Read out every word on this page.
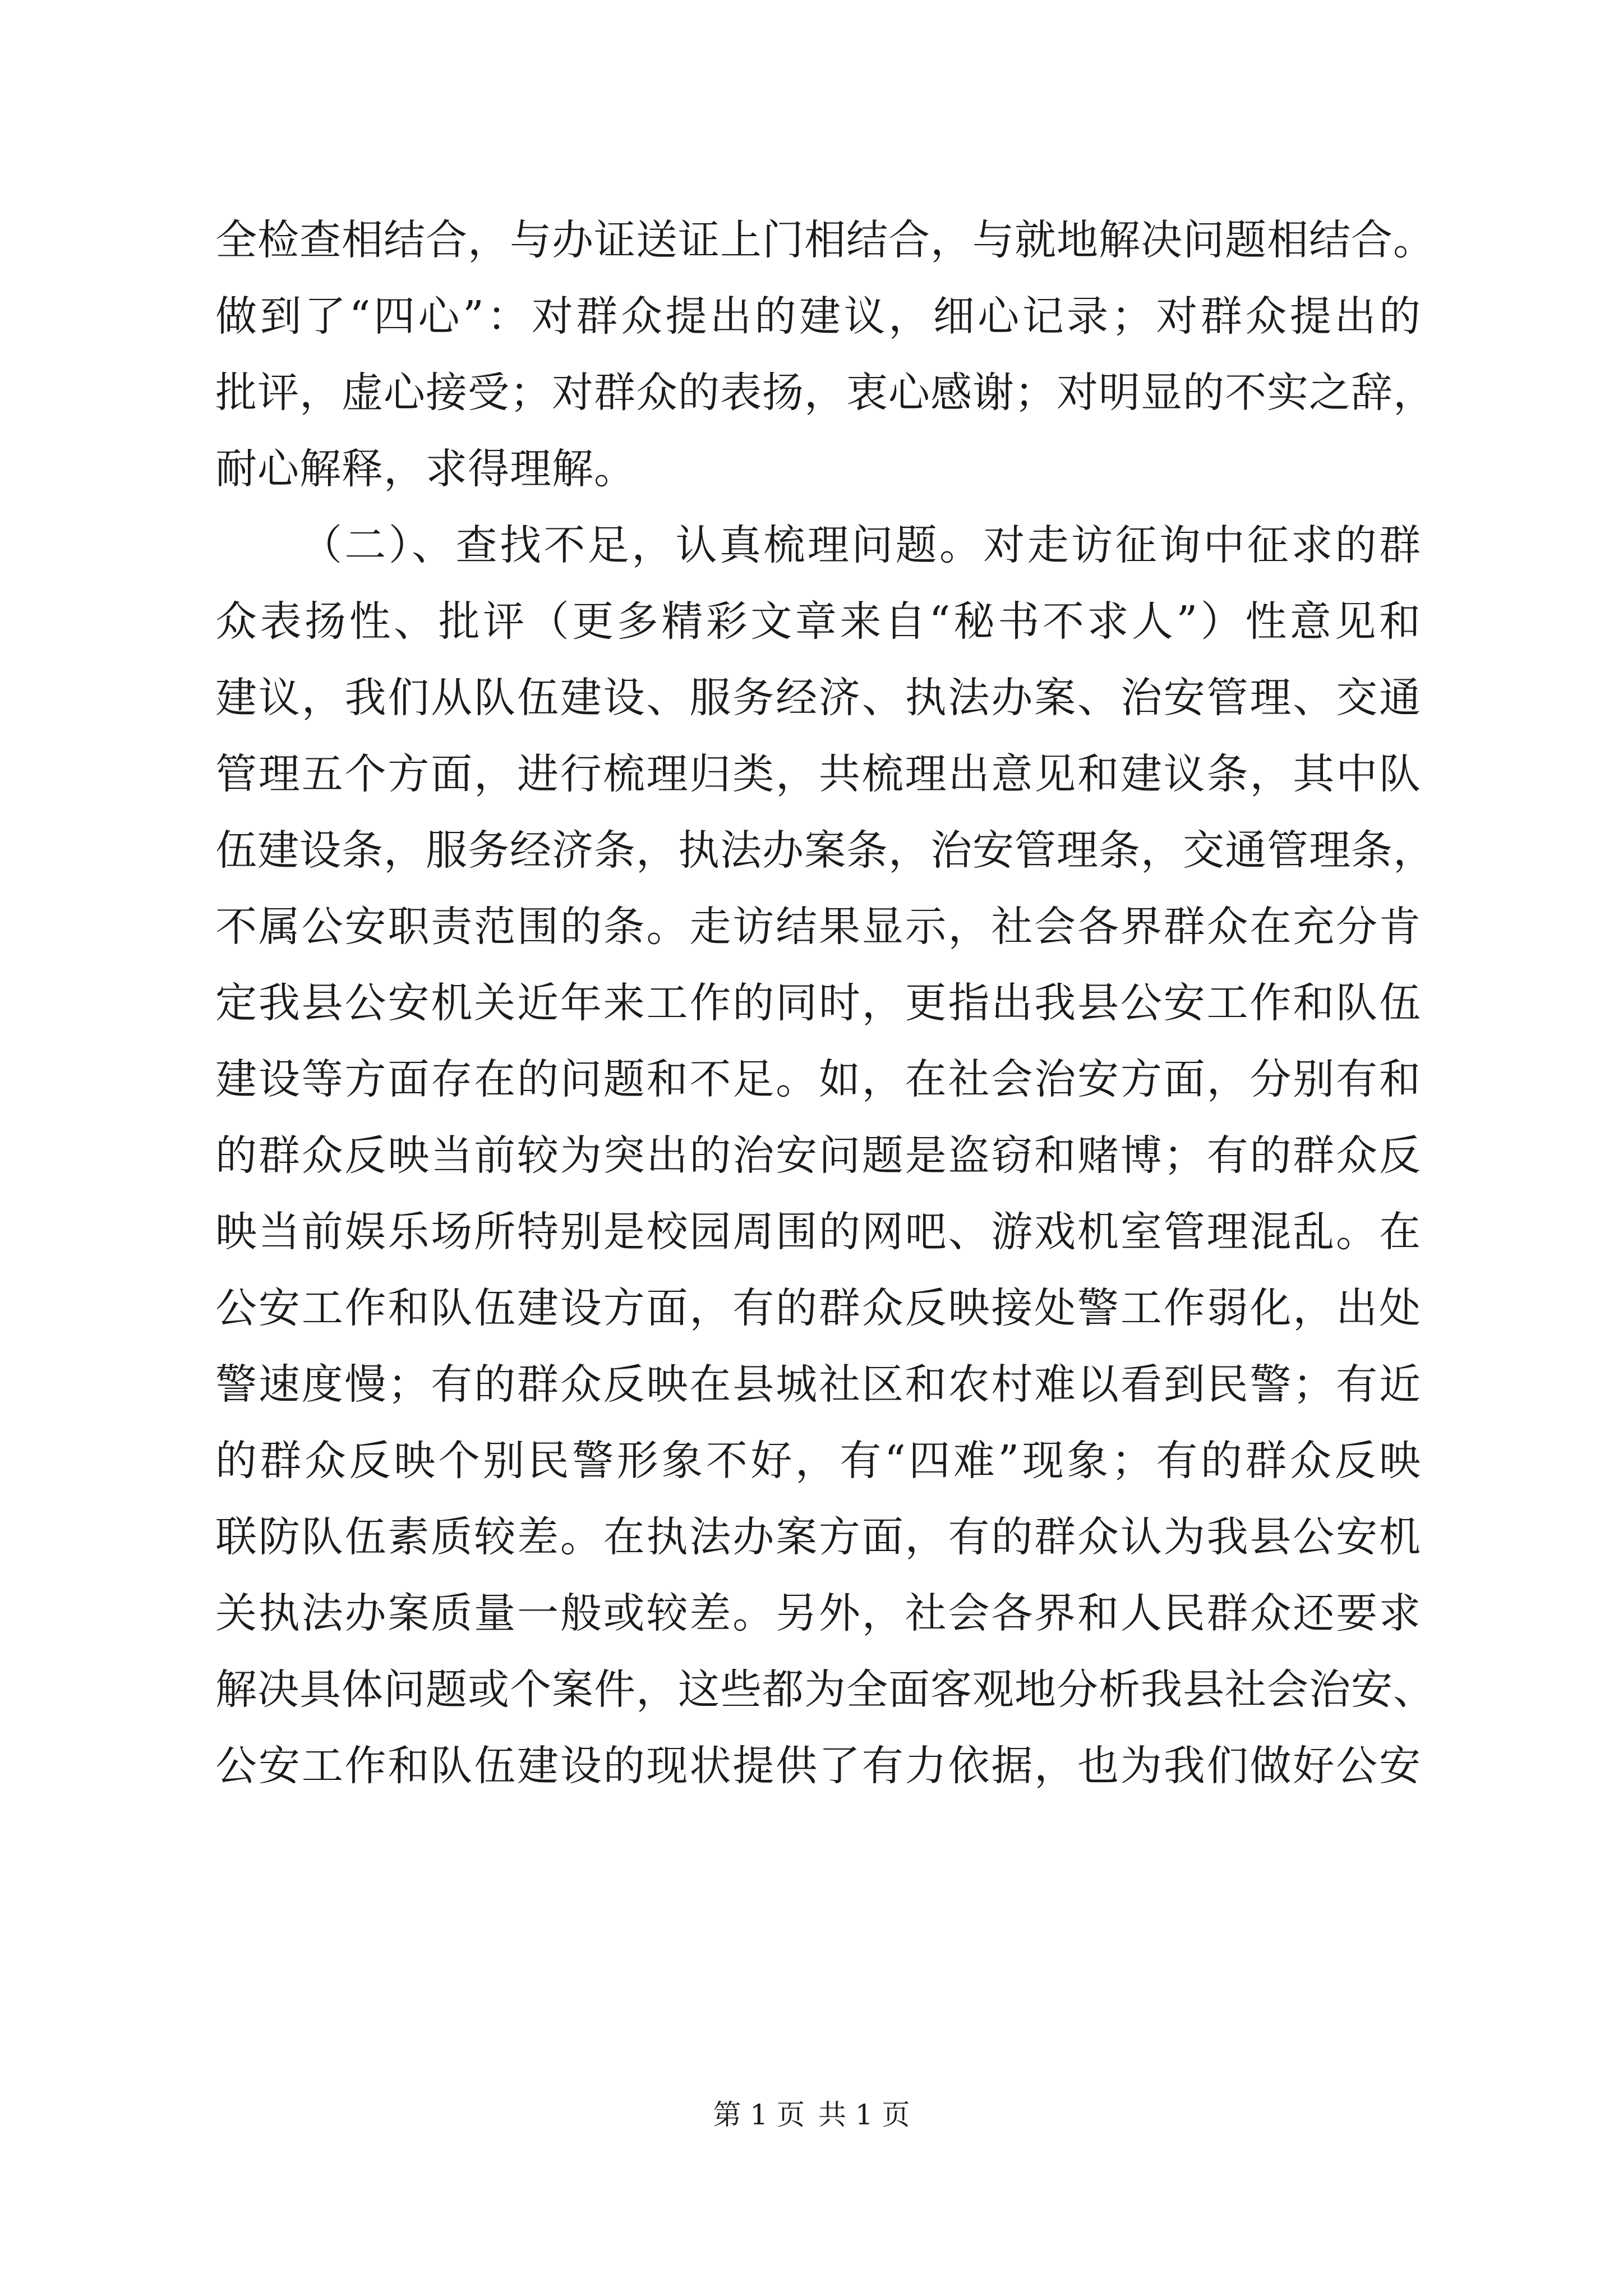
全检查相结合，与办证送证上门相结合，与就地解决问题相结合。
做到了“四心”：对群众提出的建议，细心记录；对群众提出的
批评，虚心接受；对群众的表扬，衷心感谢；对明显的不实之辞，
耐心解释，求得理解。
（二）、查找不足，认真梳理问题。对走访征询中征求的群
众表扬性、批评（更多精彩文章来自“秘书不求人”）性意见和
建议，我们从队伍建设、服务经济、执法办案、治安管理、交通
管理五个方面，进行梳理归类，共梳理出意见和建议条，其中队
伍建设条，服务经济条，执法办案条，治安管理条，交通管理条，
不属公安职责范围的条。走访结果显示，社会各界群众在充分肯
定我县公安机关近年来工作的同时，更指出我县公安工作和队伍
建设等方面存在的问题和不足。如，在社会治安方面，分别有和
的群众反映当前较为突出的治安问题是盗窃和赌博；有的群众反
映当前娱乐场所特别是校园周围的网吧、游戏机室管理混乱。在
公安工作和队伍建设方面，有的群众反映接处警工作弱化，出处
警速度慢；有的群众反映在县城社区和农村难以看到民警；有近
的群众反映个别民警形象不好，有“四难”现象；有的群众反映
联防队伍素质较差。在执法办案方面，有的群众认为我县公安机
关执法办案质量一般或较差。另外，社会各界和人民群众还要求
解决具体问题或个案件，这些都为全面客观地分析我县社会治安、
公安工作和队伍建设的现状提供了有力依据，也为我们做好公安
第 1 页 共 1 页
